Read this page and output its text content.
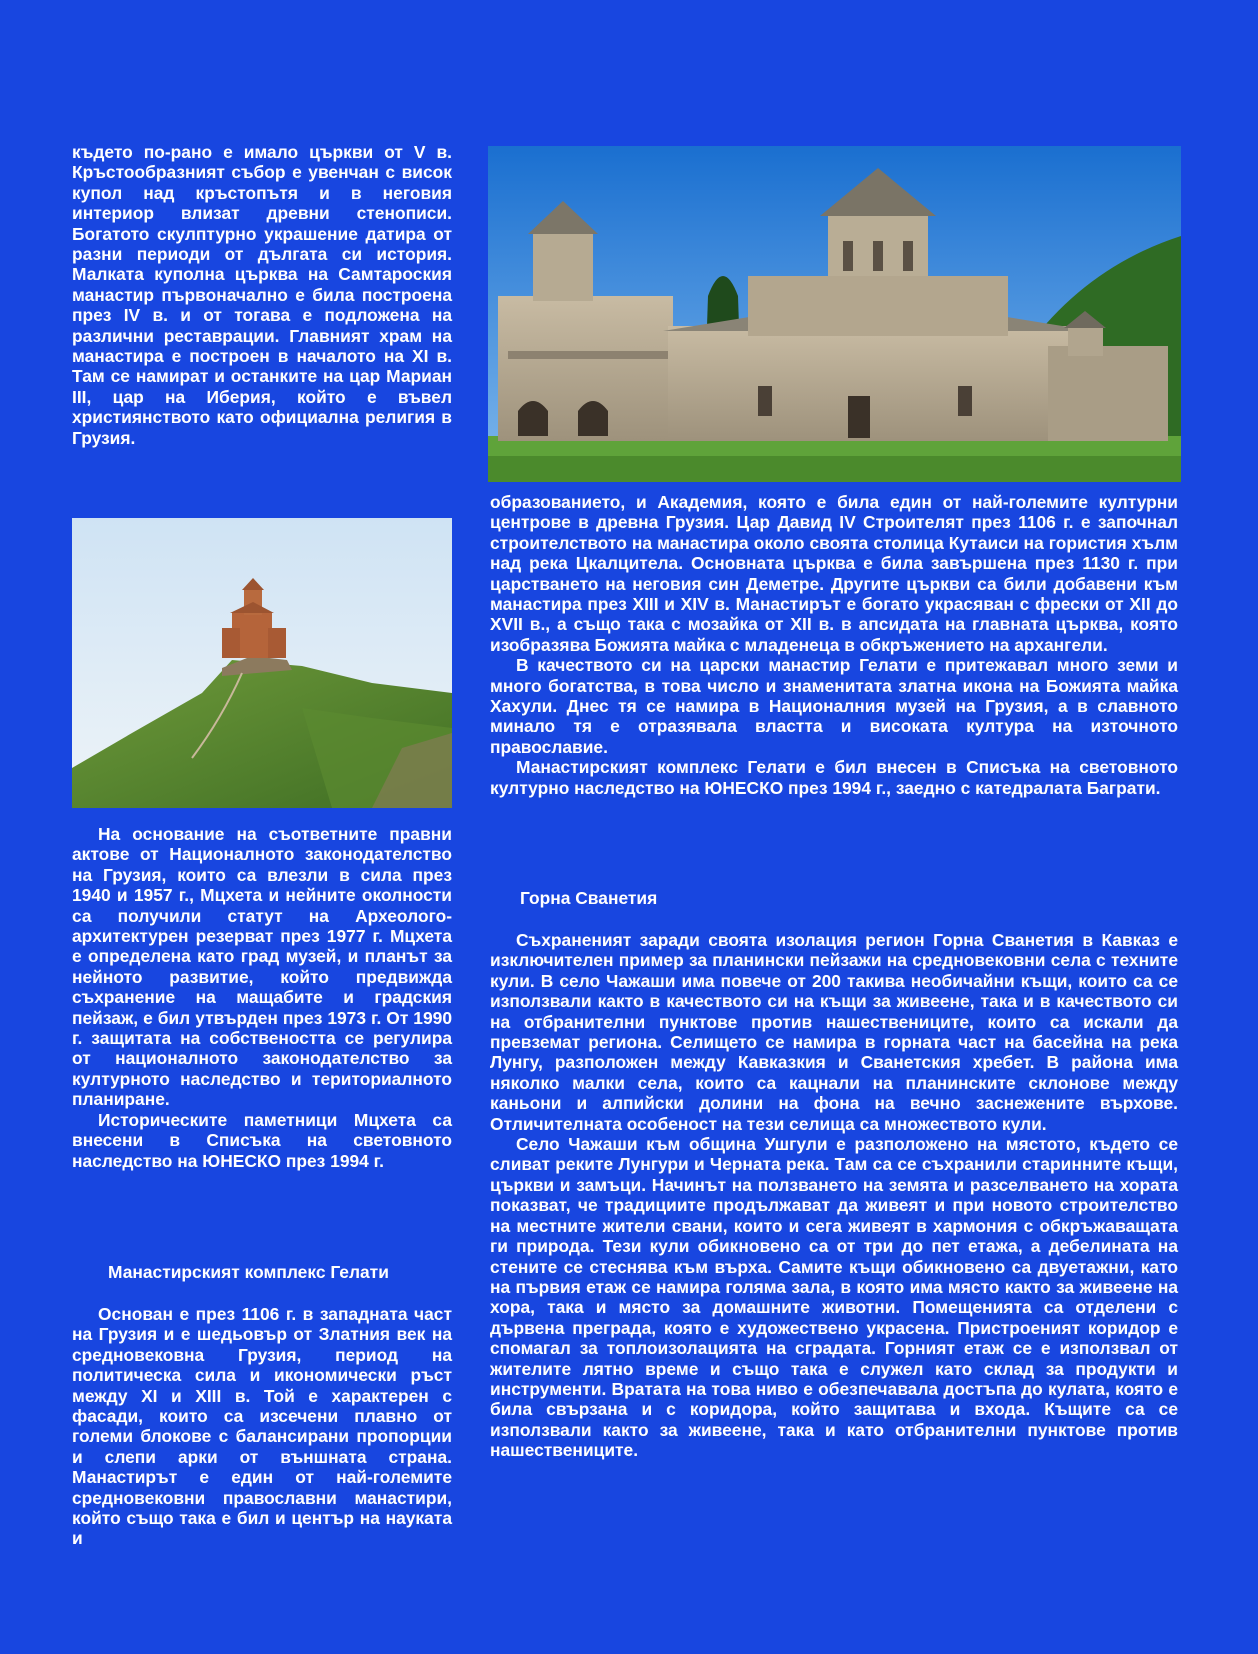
където по-рано е имало църкви от V в. Кръстообразният събор е увенчан с висок купол над кръстопътя и в неговия интериор влизат древни стенописи. Богатото скулптурно украшение датира от разни периоди от дългата си история. Малката куполна църква на Самтароския манастир първоначално е била построена през IV в. и от тогава е подложена на различни реставрации. Главният храм на манастира е построен в началото на XI в. Там се намират и останките на цар Мариан III, цар на Иберия, който е въвел християнството като официална религия в Грузия.

На основание на съответните правни актове от Националното законодателство на Грузия, които са влезли в сила през 1940 и 1957 г., Мцхета и нейните околности са получили статут на Археолого-архитектурен резерват през 1977 г. Мцхета е определена като град музей, и планът за нейното развитие, който предвижда съхранение на мащабите и градския пейзаж, е бил утвърден през 1973 г. От 1990 г. защитата на собствеността се регулира от националното законодателство за културното наследство и териториалното планиране.

Историческите паметници Мцхета са внесени в Списъка на световното наследство на ЮНЕСКО през 1994 г.

Манастирският комплекс Гелати

Основан е през 1106 г. в западната част на Грузия и е шедьовър от Златния век на средновековна Грузия, период на политическа сила и икономически ръст между XI и XIII в. Той е характерен с фасади, които са изсечени плавно от големи блокове с балансирани пропорции и слепи арки от външната страна. Манастирът е един от най-големите средновековни православни манастири, който също така е бил и център на науката и

образованието, и Академия, която е била един от най-големите културни центрове в древна Грузия. Цар Давид IV Строителят през 1106 г. е започнал строителството на манастира около своята столица Кутаиси на гористия хълм над река Цкалцитела. Основната църква е била завършена през 1130 г. при царстването на неговия син Деметре. Другите църкви са били добавени към манастира през XIII и XIV в. Манастирът е богато украсяван с фрески от XII до XVII в., а също така с мозайка от XII в. в апсидата на главната църква, която изобразява Божията майка с младенеца в обкръжението на архангели.

В качеството си на царски манастир Гелати е притежавал много земи и много богатства, в това число и знаменитата златна икона на Божията майка Хахули. Днес тя се намира в Националния музей на Грузия, а в славното минало тя е отразявала властта и високата култура на източното православие.

Манастирският комплекс Гелати е бил внесен в Списъка на световното културно наследство на ЮНЕСКО през 1994 г., заедно с катедралата Баграти.

Горна Сванетия

Съхраненият заради своята изолация регион Горна Сванетия в Кавказ е изключителен пример за планински пейзажи на средновековни села с техните кули. В село Чажаши има повече от 200 такива необичайни къщи, които са се използвали както в качеството си на къщи за живеене, така и в качеството си на отбранителни пунктове против нашествениците, които са искали да превземат региона. Селището се намира в горната част на басейна на река Лунгу, разположен между Кавказкия и Сванетския хребет. В района има няколко малки села, които са кацнали на планинските склонове между каньони и алпийски долини на фона на вечно заснежените върхове. Отличителната особеност на тези селища са множеството кули.

Село Чажаши към община Ушгули е разположено на мястото, където се сливат реките Лунгури и Черната река. Там са се съхранили старинните къщи, църкви и замъци. Начинът на ползването на земята и разселването на хората показват, че традициите продължават да живеят и при новото строителство на местните жители свани, които и сега живеят в хармония с обкръжаващата ги природа. Тези кули обикновено са от три до пет етажа, а дебелината на стените се стеснява към върха. Самите къщи обикновено са двуетажни, като на първия етаж се намира голяма зала, в която има място както за живеене на хора, така и място за домашните животни. Помещенията са отделени с дървена преграда, която е художествено украсена. Пристроеният коридор е спомагал за топлоизолацията на сградата. Горният етаж се е използвал от жителите лятно време и също така е служел като склад за продукти и инструменти. Вратата на това ниво е обезпечавала достъпа до кулата, която е била свързана и с коридора, който защитава и входа. Къщите са се използвали както за живеене, така и като отбранителни пунктове против нашествениците.
